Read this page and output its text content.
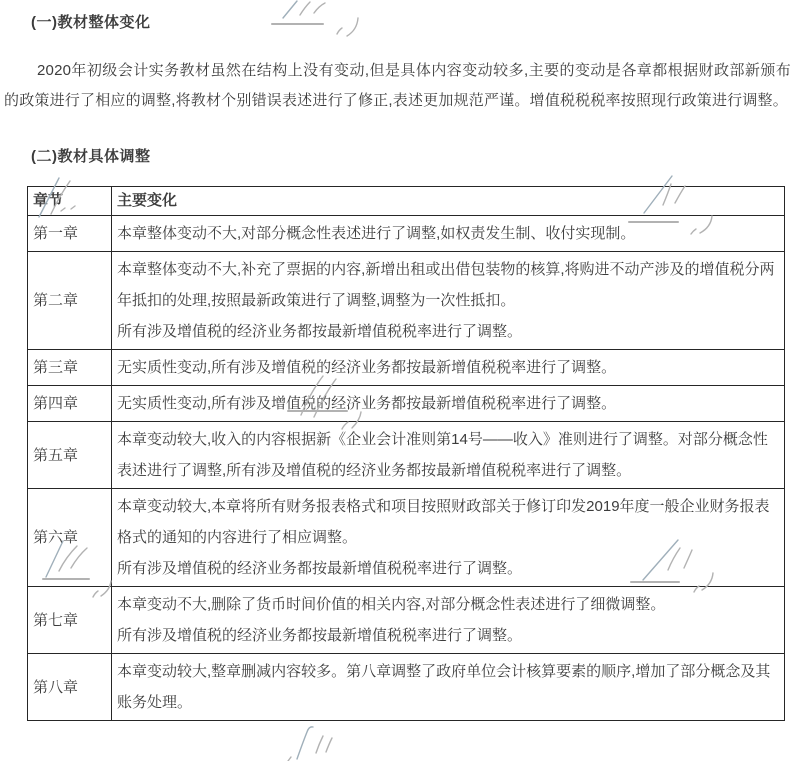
(一)教材整体变化

2020年初级会计实务教材虽然在结构上没有变动,但是具体内容变动较多,主要的变动是各章都根据财政部新颁布的政策进行了相应的调整,将教材个别错误表述进行了修正,表述更加规范严谨。增值税税税率按照现行政策进行调整。

(二)教材具体调整
章节	主要变化
第一章	本章整体变动不大,对部分概念性表述进行了调整,如权责发生制、收付实现制。

第二章	本章整体变动不大,补充了票据的内容,新增出租或出借包装物的核算,将购进不动产涉及的增值税分两年抵扣的处理,按照最新政策进行了调整,调整为一次性抵扣。
所有涉及增值税的经济业务都按最新增值税税率进行了调整。

第三章	无实质性变动,所有涉及增值税的经济业务都按最新增值税税率进行了调整。

第四章	无实质性变动,所有涉及增值税的经济业务都按最新增值税税率进行了调整。

第五章	本章变动较大,收入的内容根据新《企业会计准则第14号——收入》准则进行了调整。对部分概念性表述进行了调整,所有涉及增值税的经济业务都按最新增值税税率进行了调整。

第六章	本章变动较大,本章将所有财务报表格式和项目按照财政部关于修订印发2019年度一般企业财务报表格式的通知的内容进行了相应调整。
所有涉及增值税的经济业务都按最新增值税税率进行了调整。

第七章	本章变动不大,删除了货币时间价值的相关内容,对部分概念性表述进行了细微调整。
所有涉及增值税的经济业务都按最新增值税税率进行了调整。

第八章	本章变动较大,整章删减内容较多。第八章调整了政府单位会计核算要素的顺序,增加了部分概念及其账务处理。
